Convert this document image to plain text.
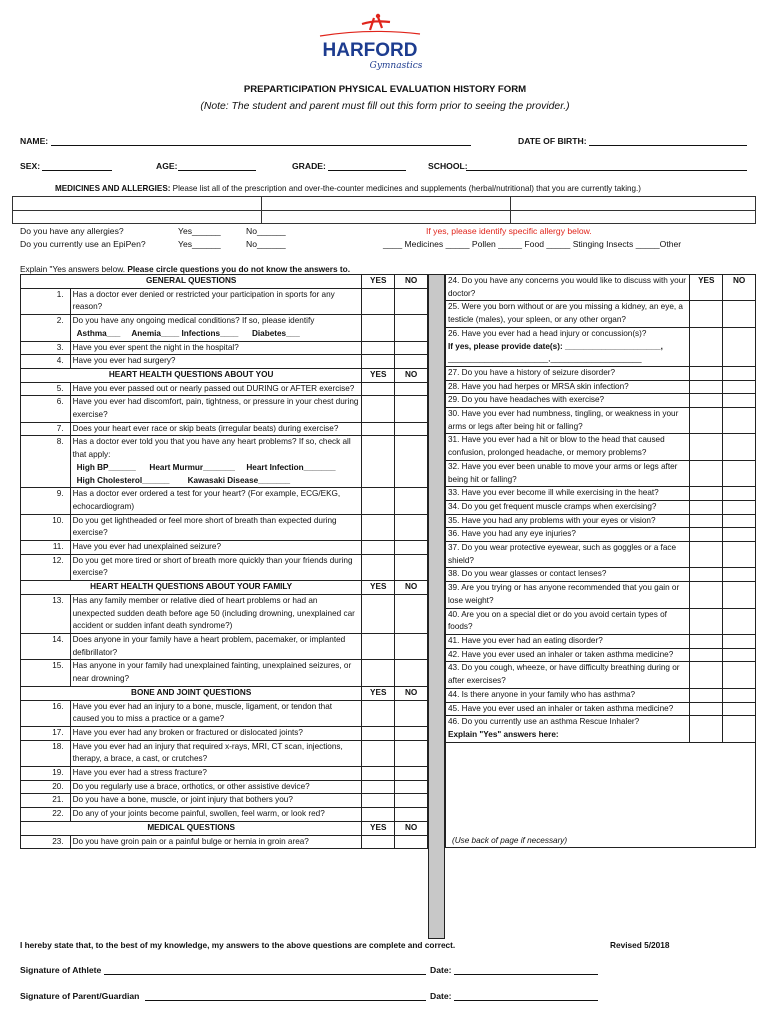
HARFORD
Gymnastics
PREPARTICIPATION PHYSICAL EVALUATION HISTORY FORM
(Note: The student and parent must fill out this form prior to seeing the provider.)
NAME:	DATE OF BIRTH:
SEX:	AGE:	GRADE:	SCHOOL:
MEDICINES AND ALLERGIES: Please list all of the prescription and over-the-counter medicines and supplements (herbal/nutritional) that you are currently taking.)
Do you have any allergies?	Yes______	No______	If yes, please identify specific allergy below.
Do you currently use an EpiPen?	Yes______	No______	____ Medicines _____ Pollen _____ Food _____ Stinging Insects _____Other
Explain "Yes answers below. Please circle questions you do not know the answers to.
GENERAL QUESTIONS		YES	NO
1.	Has a doctor ever denied or restricted your participation in sports for any reason?		

2.	Do you have any ongoing medical conditions? If so, please identify
Asthma___     Anemia____ Infections____      Diabetes___		

3.	Have you ever spent the night in the hospital?		

4.	Have you ever had surgery?		

HEART HEALTH QUESTIONS ABOUT YOU		YES	NO
5.	Have you ever passed out or nearly passed out DURING or AFTER exercise?		

6.	Have you ever had discomfort, pain, tightness, or pressure in your chest during exercise?		

7.	Does your heart ever race or skip beats (irregular beats) during exercise?		

8.	Has a doctor ever told you that you have any heart problems? If so, check all that apply:
High BP______      Heart Murmur_______     Heart Infection_______
High Cholesterol______        Kawasaki Disease_______		

9.	Has a doctor ever ordered a test for your heart? (For example, ECG/EKG, echocardiogram)		

10.	Do you get lightheaded or feel more short of breath than expected during exercise?		

11.	Have you ever had unexplained seizure?		

12.	Do you get more tired or short of breath more quickly than your friends during exercise?		

HEART HEALTH QUESTIONS ABOUT YOUR FAMILY		YES	NO
13.	Has any family member or relative died of heart problems or had an unexpected sudden death before age 50 (including drowning, unexplained car accident or sudden infant death syndrome?)		

14.	Does anyone in your family have a heart problem, pacemaker, or implanted defibrillator?		

15.	Has anyone in your family had unexplained fainting, unexplained seizures, or near drowning?		

BONE AND JOINT QUESTIONS		YES	NO
16.	Have you ever had an injury to a bone, muscle, ligament, or tendon that caused you to miss a practice or a game?		

17.	Have you ever had any broken or fractured or dislocated joints?		

18.	Have you ever had an injury that required x-rays, MRI, CT scan, injections, therapy, a brace, a cast, or crutches?		

19.	Have you ever had a stress fracture?		

20.	Do you regularly use a brace, orthotics, or other assistive device?		

21.	Do you have a bone, muscle, or joint injury that bothers you?		

22.	Do any of your joints become painful, swollen, feel warm, or look red?		

MEDICAL QUESTIONS		YES	NO
23.	Do you have groin pain or a painful bulge or hernia in groin area?		

24. Do you have any concerns you would like to discuss with your doctor?	YES	NO

25. Were you born without or are you missing a kidney, an eye, a testicle (males), your spleen, or any other organ?		

26. Have you ever had a head injury or concussion(s)?
If yes, please provide date(s): _____________________,
______________________,____________________		

27. Do you have a history of seizure disorder?		

28. Have you had herpes or MRSA skin infection?		

29. Do you have headaches with exercise?		

30. Have you ever had numbness, tingling, or weakness in your arms or legs after being hit or falling?		

31. Have you ever had a hit or blow to the head that caused confusion, prolonged headache, or memory problems?		

32. Have you ever been unable to move your arms or legs after being hit or falling?		

33. Have you ever become ill while exercising in the heat?		

34. Do you get frequent muscle cramps when exercising?		

35. Have you had any problems with your eyes or vision?		

36. Have you had any eye injuries?		

37. Do you wear protective eyewear, such as goggles or a face shield?		

38. Do you wear glasses or contact lenses?		

39. Are you trying or has anyone recommended that you gain or lose weight?		

40. Are you on a special diet or do you avoid certain types of foods?		

41. Have you ever had an eating disorder?		

42. Have you ever used an inhaler or taken asthma medicine?		

43. Do you cough, wheeze, or have difficulty breathing during or after exercises?		

44. Is there anyone in your family who has asthma?		

45. Have you ever used an inhaler or taken asthma medicine?		

46. Do you currently use an asthma Rescue Inhaler?
Explain "Yes" answers here:		

(Use back of page if necessary)		
I hereby state that, to the best of my knowledge, my answers to the above questions are complete and correct.	Revised 5/2018
Signature of Athlete	Date:
Signature of Parent/Guardian	Date:
